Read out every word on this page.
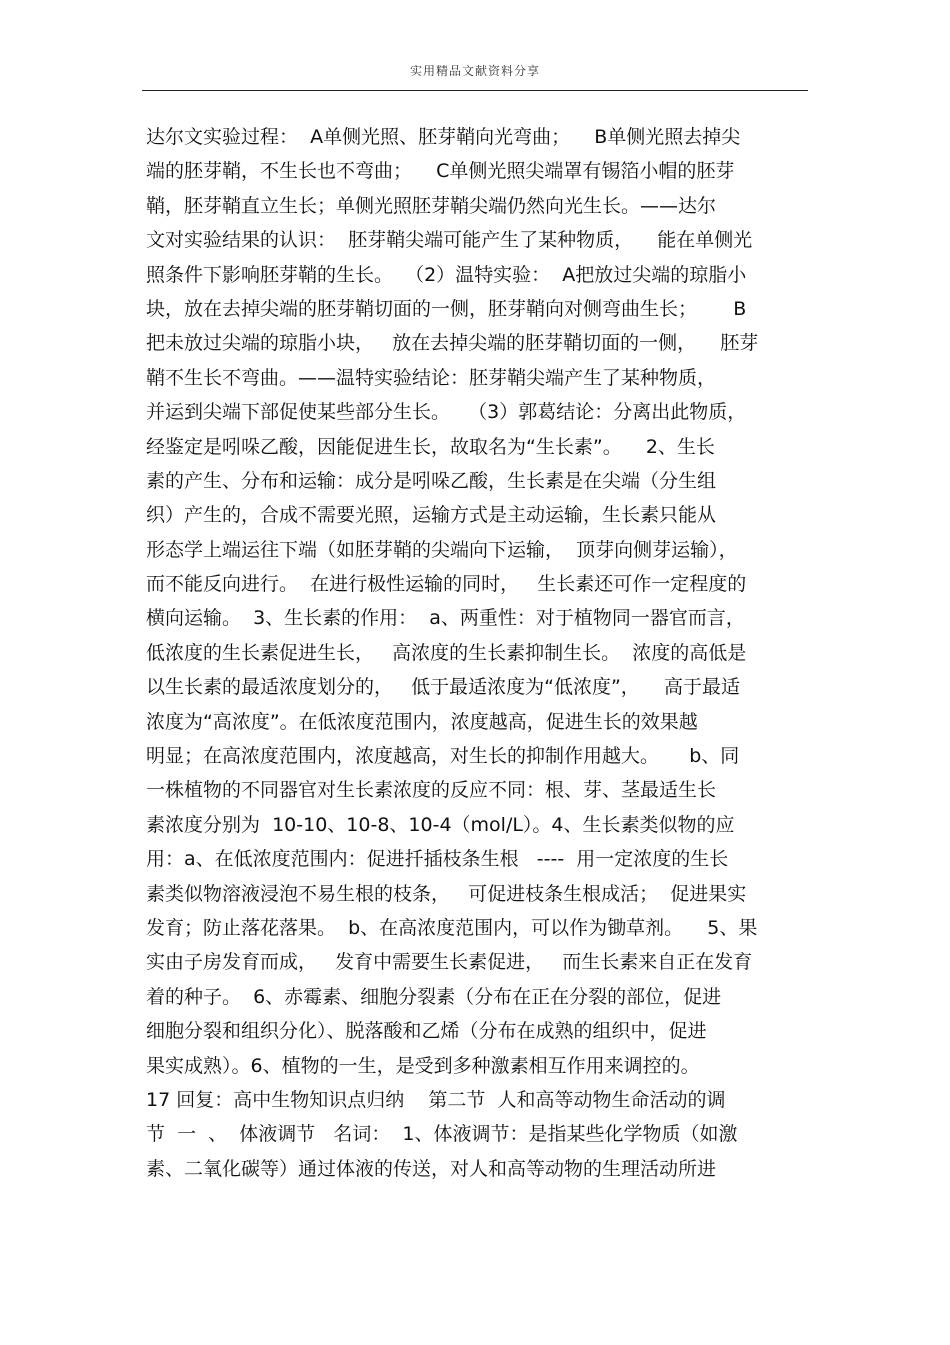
实用精品文献资料分享
达尔文实验过程：  A单侧光照、胚芽鞘向光弯曲；    B单侧光照去掉尖
端的胚芽鞘，不生长也不弯曲；    C单侧光照尖端罩有锡箔小帽的胚芽
鞘，胚芽鞘直立生长；单侧光照胚芽鞘尖端仍然向光生长。——达尔
文对实验结果的认识：  胚芽鞘尖端可能产生了某种物质，    能在单侧光
照条件下影响胚芽鞘的生长。  （2）温特实验：  A把放过尖端的琼脂小
块，放在去掉尖端的胚芽鞘切面的一侧，胚芽鞘向对侧弯曲生长；      B
把未放过尖端的琼脂小块，   放在去掉尖端的胚芽鞘切面的一侧，    胚芽
鞘不生长不弯曲。——温特实验结论：胚芽鞘尖端产生了某种物质，
并运到尖端下部促使某些部分生长。   （3）郭葛结论：分离出此物质，
经鉴定是吲哚乙酸，因能促进生长，故取名为“生长素”。    2、生长
素的产生、分布和运输：成分是吲哚乙酸，生长素是在尖端（分生组
织）产生的，合成不需要光照，运输方式是主动运输，生长素只能从
形态学上端运往下端（如胚芽鞘的尖端向下运输，  顶芽向侧芽运输），
而不能反向进行。  在进行极性运输的同时，   生长素还可作一定程度的
横向运输。  3、生长素的作用：  a、两重性：对于植物同一器官而言，
低浓度的生长素促进生长，   高浓度的生长素抑制生长。  浓度的高低是
以生长素的最适浓度划分的，   低于最适浓度为“低浓度”，    高于最适
浓度为“高浓度”。在低浓度范围内，浓度越高，促进生长的效果越
明显；在高浓度范围内，浓度越高，对生长的抑制作用越大。     b、同
一株植物的不同器官对生长素浓度的反应不同：根、芽、茎最适生长
素浓度分别为  10-10、10-8、10-4（mol/L）。4、生长素类似物的应
用：a、在低浓度范围内：促进扦插枝条生根   ----  用一定浓度的生长
素类似物溶液浸泡不易生根的枝条，   可促进枝条生根成活；  促进果实
发育；防止落花落果。  b、在高浓度范围内，可以作为锄草剂。    5、果
实由子房发育而成，   发育中需要生长素促进，   而生长素来自正在发育
着的种子。  6、赤霉素、细胞分裂素（分布在正在分裂的部位，促进
细胞分裂和组织分化）、脱落酸和乙烯（分布在成熟的组织中，促进
果实成熟）。6、植物的一生，是受到多种激素相互作用来调控的。
17 回复：高中生物知识点归纳    第二节  人和高等动物生命活动的调
节  一  、  体液调节   名词：  1、体液调节：是指某些化学物质（如激
素、二氧化碳等）通过体液的传送，对人和高等动物的生理活动所进
